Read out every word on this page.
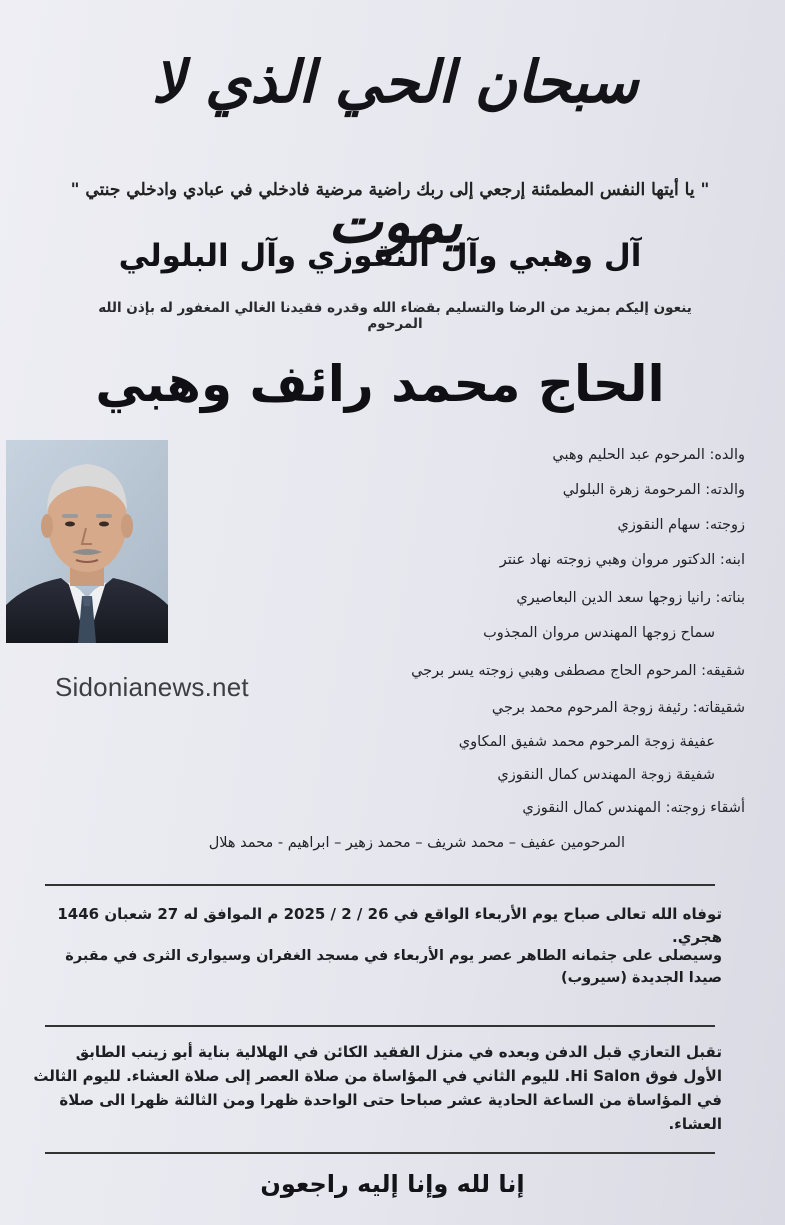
سبحان الحي الذي لا يموت
" يا أيتها النفس المطمئنة إرجعي إلى ربك راضية مرضية فادخلي في عبادي وادخلي جنتي "
آل وهبي وآل النقوزي وآل البلولي
ينعون إليكم بمزيد من الرضا والتسليم بقضاء الله وقدره فقيدنا الغالي المغفور له بإذن الله المرحوم
الحاج محمد رائف وهبي
Sidonianews.net
والده: المرحوم عبد الحليم وهبي
والدته: المرحومة زهرة البلولي
زوجته: سهام النقوزي
ابنه: الدكتور مروان وهبي زوجته نهاد عنتر
بناته: رانيا زوجها سعد الدين البعاصيري
سماح زوجها المهندس مروان المجذوب
شقيقه: المرحوم الحاج مصطفى وهبي زوجته يسر برجي
شقيقاته: رئيفة زوجة المرحوم محمد برجي
عفيفة زوجة المرحوم محمد شفيق المكاوي
شفيقة زوجة المهندس كمال النقوزي
أشقاء زوجته: المهندس كمال النقوزي
المرحومين عفيف – محمد شريف – محمد زهير – ابراهيم - محمد هلال
توفاه الله تعالى صباح يوم الأربعاء الواقع في 26 / 2 / 2025 م الموافق له 27 شعبان 1446 هجري.
وسيصلى على جثمانه الطاهر عصر يوم الأربعاء في مسجد الغفران وسيوارى الثرى في مقبرة صيدا الجديدة (سيروب)
تقبل التعازي قبل الدفن وبعده في منزل الفقيد الكائن في الهلالية بناية أبو زينب الطابق الأول فوق Hi Salon. لليوم الثاني في المؤاساة من صلاة العصر إلى صلاة العشاء. لليوم الثالث في المؤاساة من الساعة الحادية عشر صباحا حتى الواحدة ظهرا ومن الثالثة ظهرا الى صلاة العشاء.
إنا لله وإنا إليه راجعون
